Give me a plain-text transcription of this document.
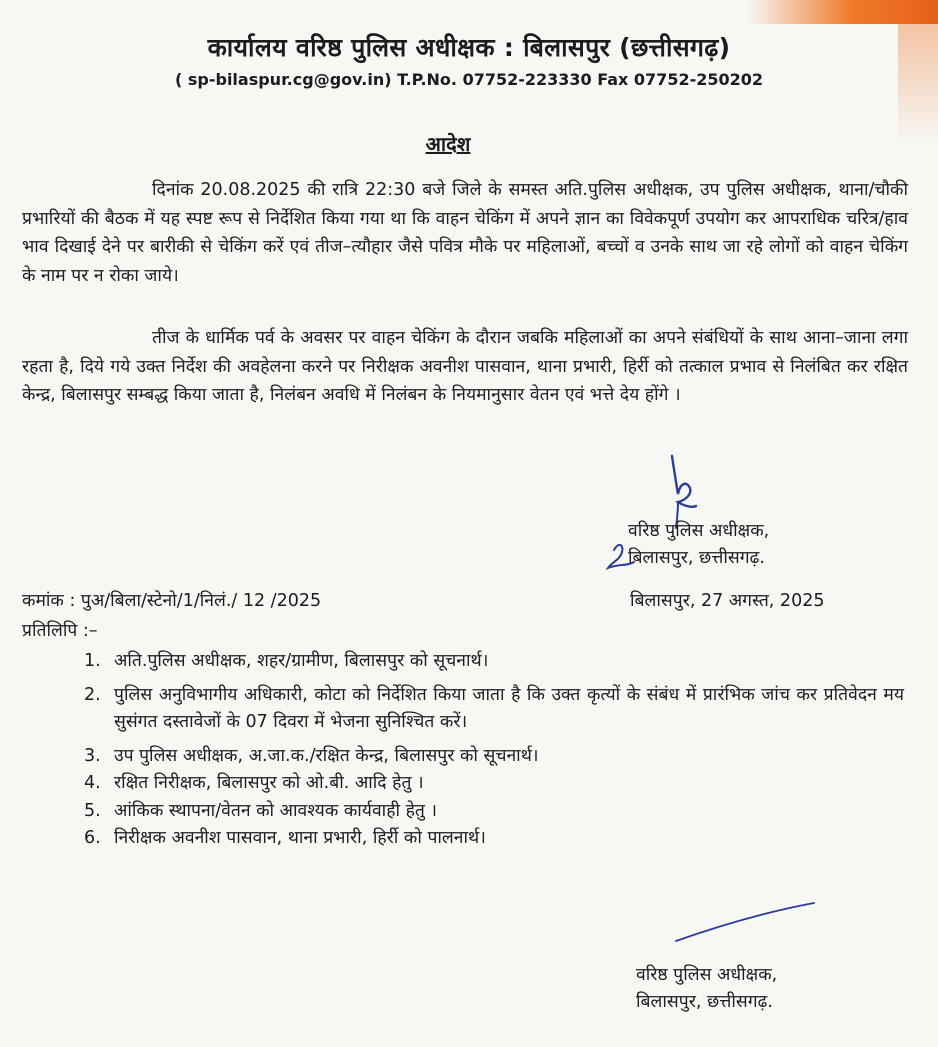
कार्यालय वरिष्ठ पुलिस अधीक्षक : बिलासपुर (छत्तीसगढ़)
( sp-bilaspur.cg@gov.in) T.P.No. 07752-223330 Fax 07752-250202
आदेश

दिनांक 20.08.2025 की रात्रि 22:30 बजे जिले के समस्त अति.पुलिस अधीक्षक, उप पुलिस अधीक्षक, थाना/चौकी प्रभारियों की बैठक में यह स्पष्ट रूप से निर्देशित किया गया था कि वाहन चेकिंग में अपने ज्ञान का विवेकपूर्ण उपयोग कर आपराधिक चरित्र/हाव भाव दिखाई देने पर बारीकी से चेकिंग करें एवं तीज–त्यौहार जैसे पवित्र मौके पर महिलाओं, बच्चों व उनके साथ जा रहे लोगों को वाहन चेकिंग के नाम पर न रोका जाये।

तीज के धार्मिक पर्व के अवसर पर वाहन चेकिंग के दौरान जबकि महिलाओं का अपने संबंधियों के साथ आना–जाना लगा रहता है, दिये गये उक्त निर्देश की अवहेलना करने पर निरीक्षक अवनीश पासवान, थाना प्रभारी, हिर्री को तत्काल प्रभाव से निलंबित कर रक्षित केन्द्र, बिलासपुर सम्बद्ध किया जाता है, निलंबन अवधि में निलंबन के नियमानुसार वेतन एवं भत्ते देय होंगे ।

वरिष्ठ पुलिस अधीक्षक,
बिलासपुर, छत्तीसगढ़.
कमांक : पुअ/बिला/स्टेनो/1/निलं./ 12 /2025	बिलासपुर, 27 अगस्त, 2025
प्रतिलिपि :–
1. अति.पुलिस अधीक्षक, शहर/ग्रामीण, बिलासपुर को सूचनार्थ।
2. पुलिस अनुविभागीय अधिकारी, कोटा को निर्देशित किया जाता है कि उक्त कृत्यों के संबंध में प्रारंभिक जांच कर प्रतिवेदन मय सुसंगत दस्तावेजों के 07 दिवरा में भेजना सुनिश्चित करें।
3. उप पुलिस अधीक्षक, अ.जा.क./रक्षित केन्द्र, बिलासपुर को सूचनार्थ।
4. रक्षित निरीक्षक, बिलासपुर को ओ.बी. आदि हेतु ।
5. आंकिक स्थापना/वेतन को आवश्यक कार्यवाही हेतु ।
6. निरीक्षक अवनीश पासवान, थाना प्रभारी, हिर्री को पालनार्थ।
वरिष्ठ पुलिस अधीक्षक,
बिलासपुर, छत्तीसगढ़.
